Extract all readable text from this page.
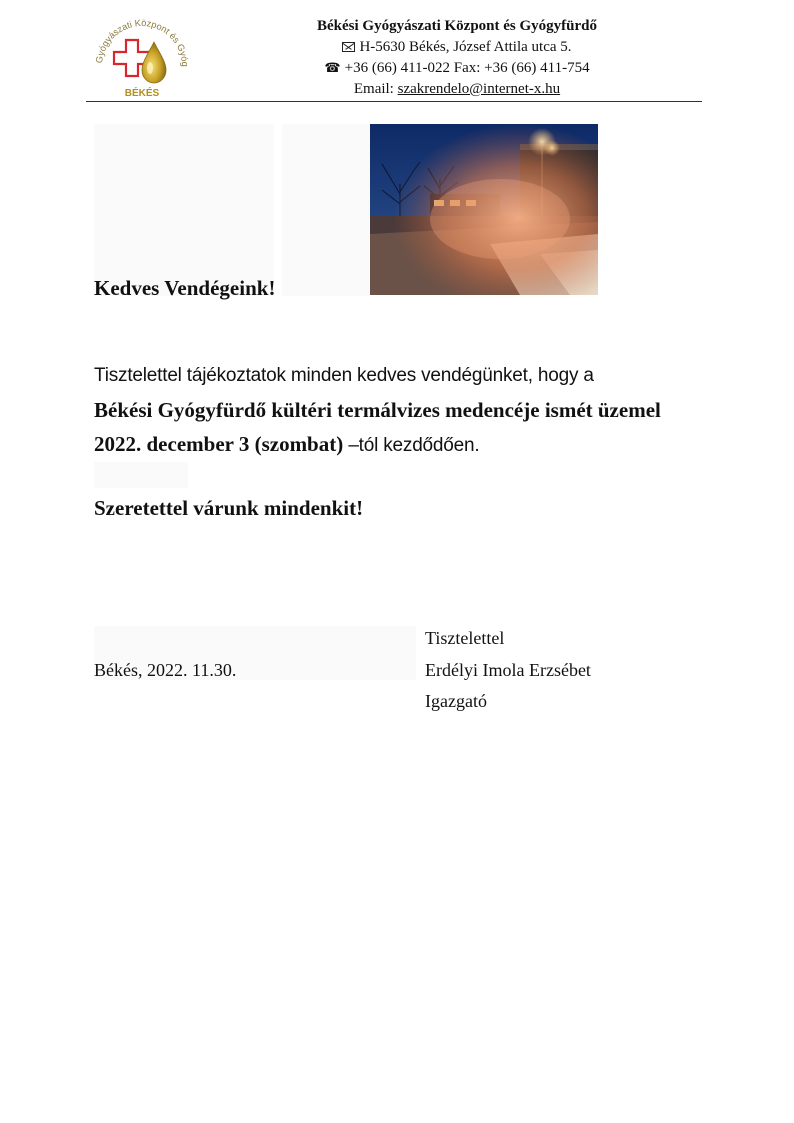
Gyógyászati Központ és Gyóg
BÉKÉS
Békési Gyógyászati Központ és Gyógyfürdő
H-5630 Békés, József Attila utca 5.
☎ +36 (66) 411-022 Fax: +36 (66) 411-754
Email: szakrendelo@internet-x.hu
Kedves Vendégeink!
Tisztelettel tájékoztatok minden kedves vendégünket, hogy a
Békési Gyógyfürdő kültéri termálvizes medencéje ismét üzemel 2022. december 3 (szombat) –tól kezdődően.
Szeretettel várunk mindenkit!
Békés, 2022. 11.30.
Tisztelettel
Erdélyi Imola Erzsébet
Igazgató
